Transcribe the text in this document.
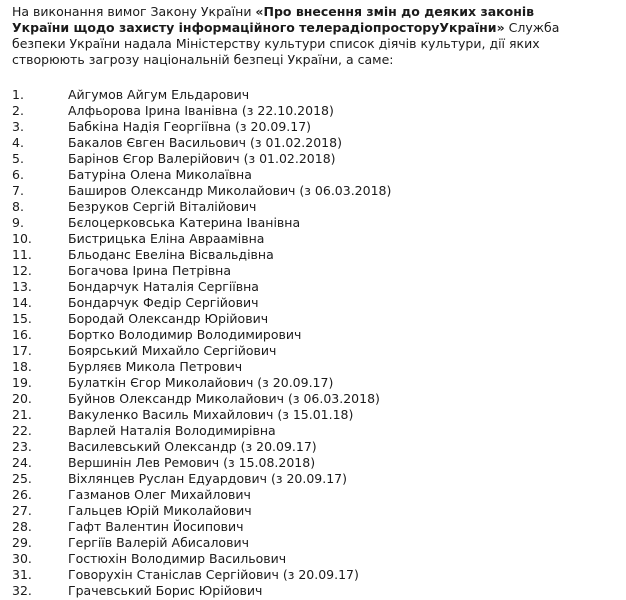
На виконання вимог Закону України «Про внесення змін до деяких законів
України щодо захисту інформаційного телерадіопросторуУкраїни» Служба
безпеки України надала Міністерству культури список діячів культури, дії яких
створюють загрозу національній безпеці України, а саме:
1.	Айгумов Айгум Ельдарович
2.	Алфьорова Ірина Іванівна (з 22.10.2018)
3.	Бабкіна Надія Георгіївна (з 20.09.17)
4.	Бакалов Євген Васильович (з 01.02.2018)
5.	Барінов Єгор Валерійович (з 01.02.2018)
6.	Батуріна Олена Миколаївна
7.	Баширов Олександр Миколайович (з 06.03.2018)
8.	Безруков Сергій Віталійович
9.	Бєлоцерковська Катерина Іванівна
10.	Бистрицька Еліна Авраамівна
11.	Бльоданс Евеліна Вісвальдівна
12.	Богачова Ірина Петрівна
13.	Бондарчук Наталія Сергіївна
14.	Бондарчук Федір Сергійович
15.	Бородай Олександр Юрійович
16.	Бортко Володимир Володимирович
17.	Боярський Михайло Сергійович
18.	Бурляєв Микола Петрович
19.	Булаткін Єгор Миколайович (з 20.09.17)
20.	Буйнов Олександр Миколайович (з 06.03.2018)
21.	Вакуленко Василь Михайлович (з 15.01.18)
22.	Варлей Наталія Володимирівна
23.	Василевський Олександр (з 20.09.17)
24.	Вершинін Лев Ремович (з 15.08.2018)
25.	Віхлянцев Руслан Едуардович (з 20.09.17)
26.	Газманов Олег Михайлович
27.	Гальцев Юрій Миколайович
28.	Гафт Валентин Йосипович
29.	Гергіїв Валерій Абисалович
30.	Гостюхін Володимир Васильович
31.	Говорухін Станіслав Сергійович (з 20.09.17)
32.	Грачевський Борис Юрійович
